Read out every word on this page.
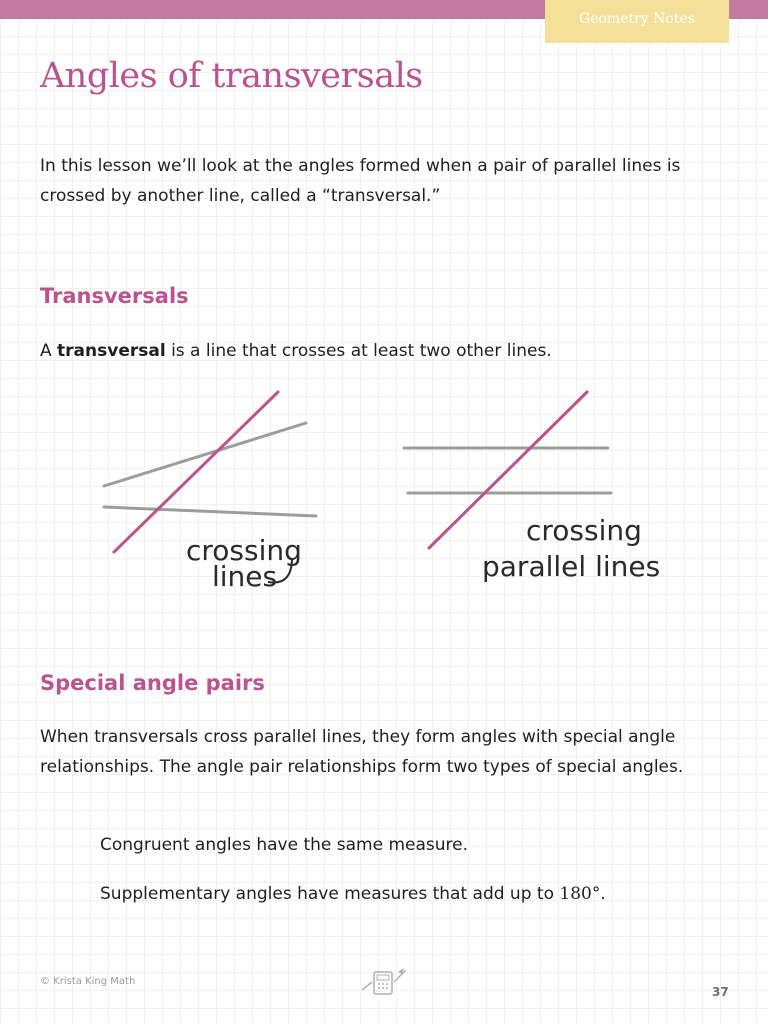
Geometry Notes
Angles of transversals

In this lesson we’ll look at the angles formed when a pair of parallel lines is crossed by another line, called a “transversal.”

Transversals

A transversal is a line that crosses at least two other lines.

crossing
lines
crossing
parallel lines
Special angle pairs

When transversals cross parallel lines, they form angles with special angle relationships. The angle pair relationships form two types of special angles.

Congruent angles have the same measure.

Supplementary angles have measures that add up to 180°.

© Krista King Math
37
